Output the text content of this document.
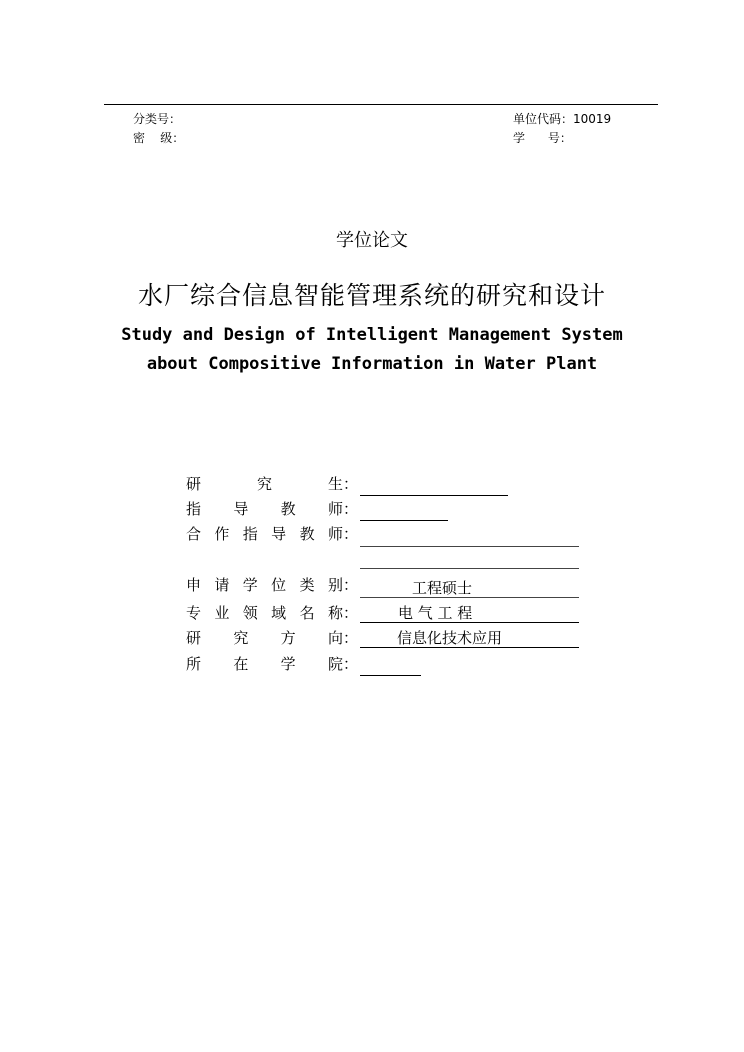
分类号：
密    级：
单位代码：10019
学      号：
学位论文
水厂综合信息智能管理系统的研究和设计
Study and Design of Intelligent Management System
about Compositive Information in Water Plant
研	究	生：
指 导 教 师：
合 作 指 导 教 师：
申 请 学 位 类 别：	工程硕士
专 业 领 域 名 称：	电 气 工 程
研 究 方 向：	信息化技术应用
所 在 学 院：
